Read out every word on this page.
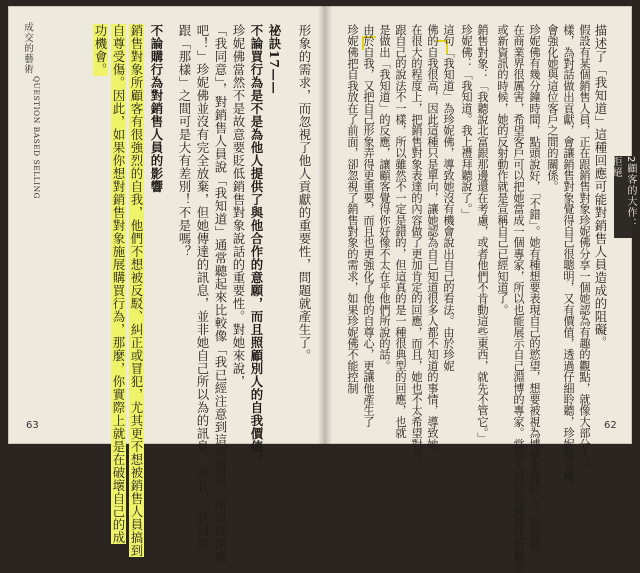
QUESTION BASED SELLING
成交的藝術
63
形象的需求，而忽視了他人貢獻的重要性，問題就產生了。
祕訣17——
不論買行為是不是為他人提供了與他合作的意願，而且照顧別人的自我價值。
珍妮佛當然不是故意要貶低銷售對象說話的重要性。對她來說，
「我同意」，對銷售人員說「我知道」通常聽起來比較像「我已經注意到這項資訊，所以你閉嘴
吧！」珍妮佛並沒有完全放棄，但她傳達的訊息，並非她自己所以為的訊息。而且，「我同意」
跟「那樣」之間可是大有差別！不是嗎？
不論購行為對銷售人員的影響
銷售對象所顧客有很強烈的自我，他們不想被反駁、糾正或冒犯，尤其更不想被銷售人員搞到
自尊受傷。因此，如果你想對銷售對象施展購買行為，那麼，你實際上就是在破壞自己的成
功機會。
2顧客的大作：拒絕
62
描述了「我知道」這種回應可能對銷售人員造成的阻礙。
假設有某個銷售人員，正在跟銷售對象珍妮佛分享一個她認為有趣的觀點，就像大部分人一
樣，為對話做出貢獻，會讓銷售對象覺得自己很聰明，又有價值，透過仔細聆聽，珍妮佛有機
會強化她與這位客戶之間的關係。
珍妮佛有幾分鐘時間，點頭說好，「不錯」。她有種想要表現自己的慾望，想要被視為博學多聞的人。珍妮佛
在商業界很厲害，希望客戶可以把她當成一個專家，所以也能展示自己淵博的專家。當別人對珍妮佛講述新觀念
或新資訊的時候，她的反射動作就是宣稱自己已經知道了。
銷售對象：「我聽說北富銀那邊還在考慮，或者他們不肯動這些東西，就先不管它。」
珍妮佛：「我知道。我上禮拜聽說了。」
這句「我知道」為珍妮佛，導致她沒有機會說出自己的看法。由於珍妮
佛的自我很高，因此這種只是單向，讓她認為自己知道很多人都不知道的事情，導致她
在很大的程度上，把銷售對象表達的內容做了更加肯定的回應，而且，她也不太希望對方
跟自己的說法不一樣，所以雖然不一定是錯的，但這真的是一種很典型的回應，也就
是做出「我知道」的反應，讓顧客覺得你好像不太在乎他們所說的話。
由於自我，又把自己形象弄得更重要，而且也更強化了他的自尊心，更讓他產生了
珍妮佛把自我放在了前面，卻忽視了銷售對象的需求，如果珍妮佛不能控制
